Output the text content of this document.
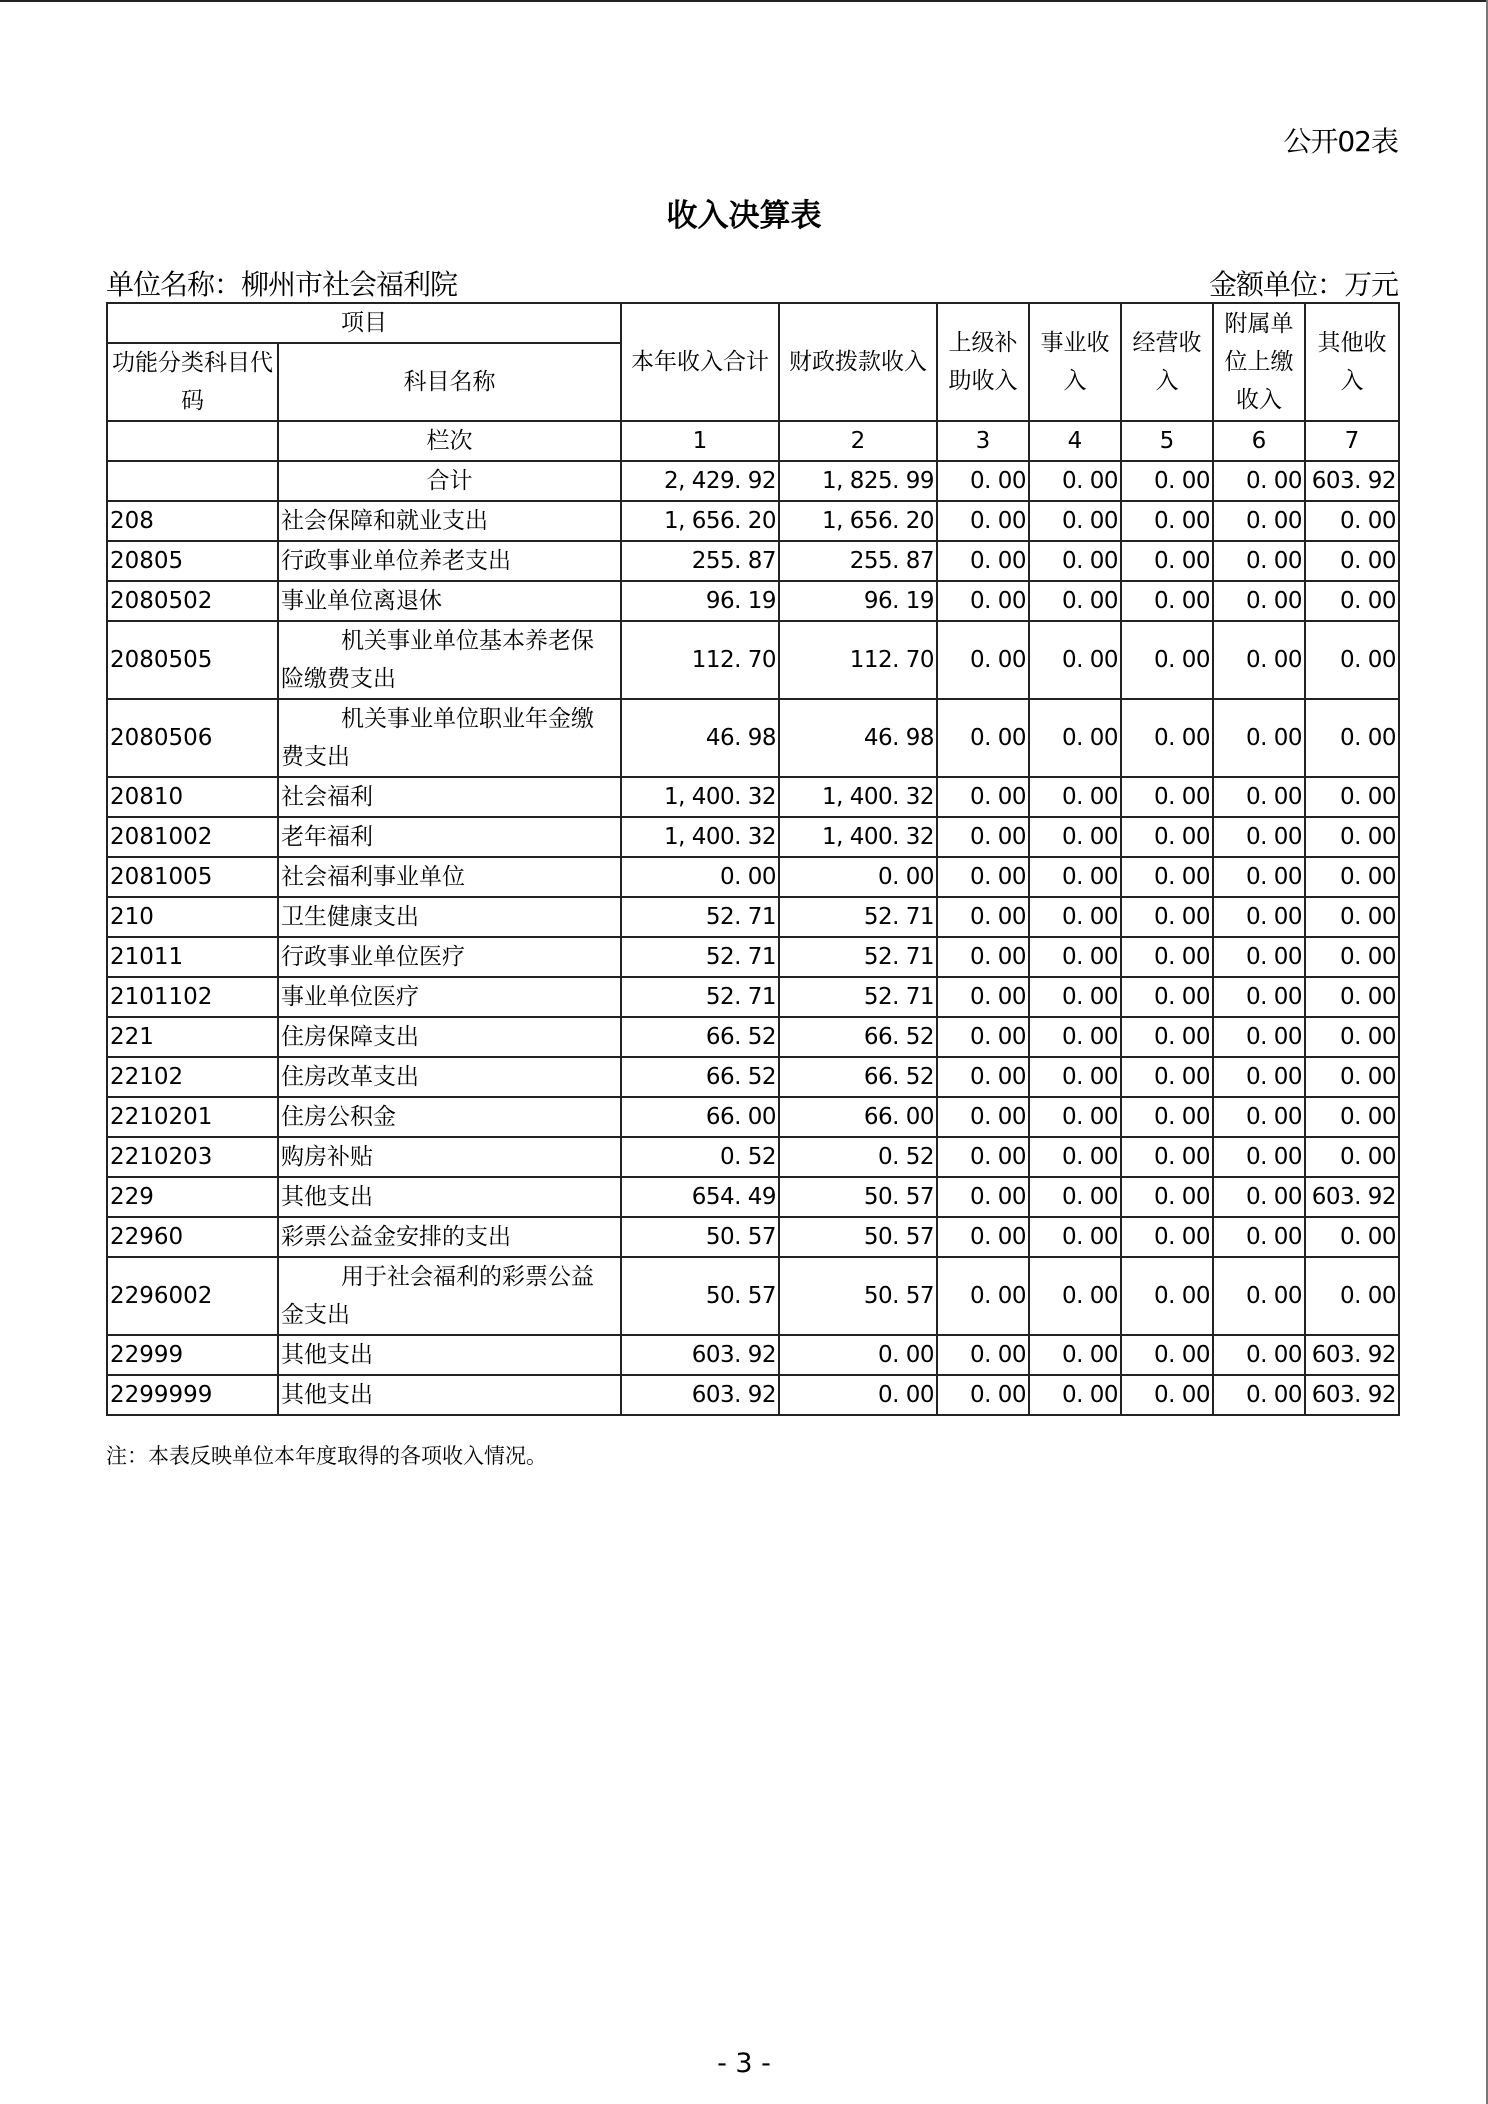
公开02表
收入决算表
单位名称：柳州市社会福利院	金额单位：万元
项目		本年收入合计	财政拨款收入	上级补助收入	事业收入	经营收入	附属单位上缴收入	其他收入
功能分类科目代码	科目名称							
	栏次	1	2	3	4	5	6	7
	合计	2, 429. 92	1, 825. 99	0. 00	0. 00	0. 00	0. 00	603. 92
208	社会保障和就业支出	1, 656. 20	1, 656. 20	0. 00	0. 00	0. 00	0. 00	0. 00
20805	行政事业单位养老支出	255. 87	255. 87	0. 00	0. 00	0. 00	0. 00	0. 00
2080502	事业单位离退休	96. 19	96. 19	0. 00	0. 00	0. 00	0. 00	0. 00
2080505	机关事业单位基本养老保
险缴费支出	112. 70	112. 70	0. 00	0. 00	0. 00	0. 00	0. 00
2080506	机关事业单位职业年金缴
费支出	46. 98	46. 98	0. 00	0. 00	0. 00	0. 00	0. 00
20810	社会福利	1, 400. 32	1, 400. 32	0. 00	0. 00	0. 00	0. 00	0. 00
2081002	老年福利	1, 400. 32	1, 400. 32	0. 00	0. 00	0. 00	0. 00	0. 00
2081005	社会福利事业单位	0. 00	0. 00	0. 00	0. 00	0. 00	0. 00	0. 00
210	卫生健康支出	52. 71	52. 71	0. 00	0. 00	0. 00	0. 00	0. 00
21011	行政事业单位医疗	52. 71	52. 71	0. 00	0. 00	0. 00	0. 00	0. 00
2101102	事业单位医疗	52. 71	52. 71	0. 00	0. 00	0. 00	0. 00	0. 00
221	住房保障支出	66. 52	66. 52	0. 00	0. 00	0. 00	0. 00	0. 00
22102	住房改革支出	66. 52	66. 52	0. 00	0. 00	0. 00	0. 00	0. 00
2210201	住房公积金	66. 00	66. 00	0. 00	0. 00	0. 00	0. 00	0. 00
2210203	购房补贴	0. 52	0. 52	0. 00	0. 00	0. 00	0. 00	0. 00
229	其他支出	654. 49	50. 57	0. 00	0. 00	0. 00	0. 00	603. 92
22960	彩票公益金安排的支出	50. 57	50. 57	0. 00	0. 00	0. 00	0. 00	0. 00
2296002	用于社会福利的彩票公益
金支出	50. 57	50. 57	0. 00	0. 00	0. 00	0. 00	0. 00
22999	其他支出	603. 92	0. 00	0. 00	0. 00	0. 00	0. 00	603. 92
2299999	其他支出	603. 92	0. 00	0. 00	0. 00	0. 00	0. 00	603. 92
注：本表反映单位本年度取得的各项收入情况。
- 3 -
